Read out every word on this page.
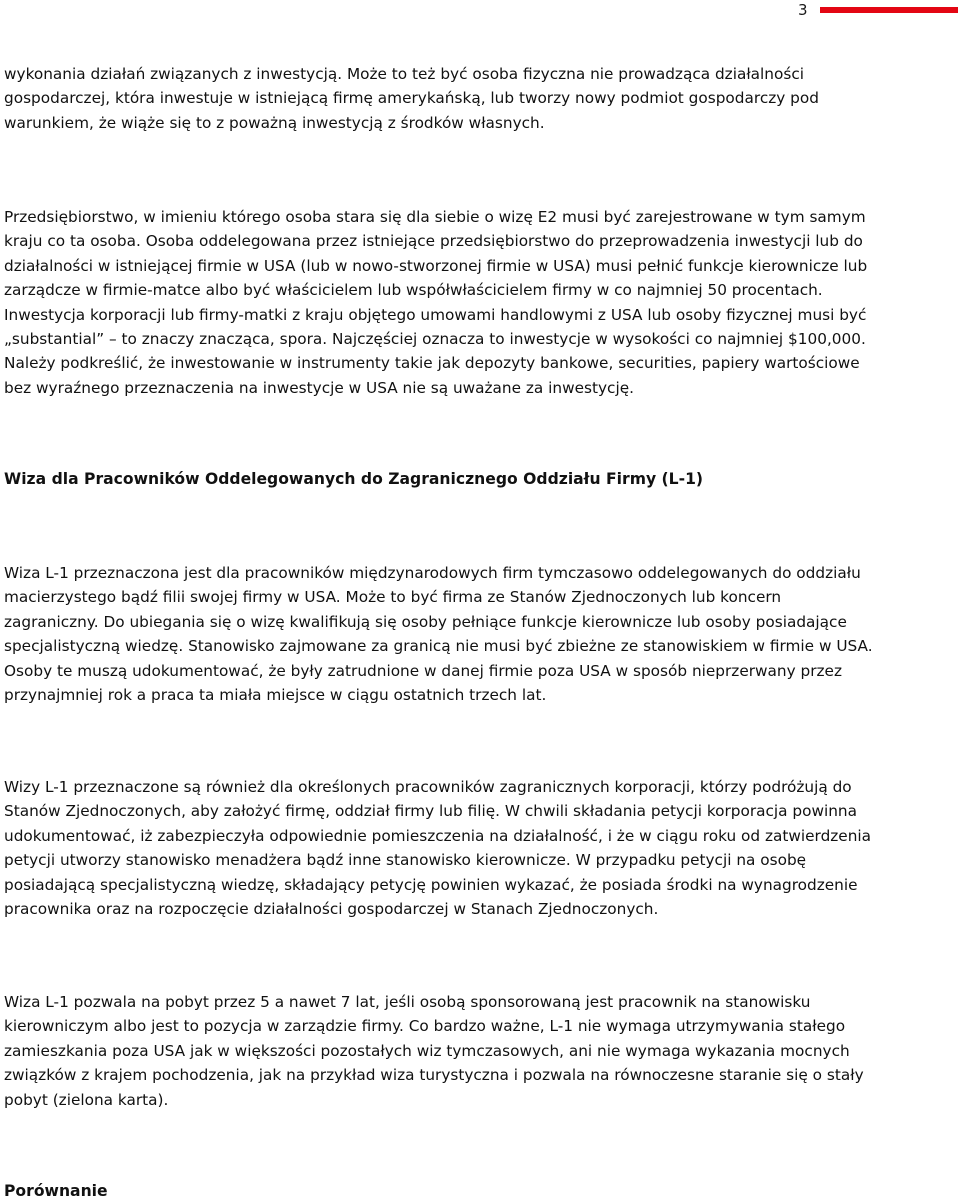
3

wykonania działań związanych z inwestycją. Może to też być osoba fizyczna nie prowadząca działalności
gospodarczej, która inwestuje w istniejącą firmę amerykańską, lub tworzy nowy podmiot gospodarczy pod
warunkiem, że wiąże się to z poważną inwestycją z środków własnych.

Przedsiębiorstwo, w imieniu którego osoba stara się dla siebie o wizę E2 musi być zarejestrowane w tym samym
kraju co ta osoba. Osoba oddelegowana przez istniejące przedsiębiorstwo do przeprowadzenia inwestycji lub do
działalności w istniejącej firmie w USA (lub w nowo-stworzonej firmie w USA) musi pełnić funkcje kierownicze lub
zarządcze w firmie-matce albo być właścicielem lub współwłaścicielem firmy w co najmniej 50 procentach.
Inwestycja korporacji lub firmy-matki z kraju objętego umowami handlowymi z USA lub osoby fizycznej musi być
„substantial” – to znaczy znacząca, spora. Najczęściej oznacza to inwestycje w wysokości co najmniej $100,000.
Należy podkreślić, że inwestowanie w instrumenty takie jak depozyty bankowe, securities, papiery wartościowe
bez wyraźnego przeznaczenia na inwestycje w USA nie są uważane za inwestycję.

Wiza dla Pracowników Oddelegowanych do Zagranicznego Oddziału Firmy (L-1)

Wiza L-1 przeznaczona jest dla pracowników międzynarodowych firm tymczasowo oddelegowanych do oddziału
macierzystego bądź filii swojej firmy w USA. Może to być firma ze Stanów Zjednoczonych lub koncern
zagraniczny. Do ubiegania się o wizę kwalifikują się osoby pełniące funkcje kierownicze lub osoby posiadające
specjalistyczną wiedzę. Stanowisko zajmowane za granicą nie musi być zbieżne ze stanowiskiem w firmie w USA.
Osoby te muszą udokumentować, że były zatrudnione w danej firmie poza USA w sposób nieprzerwany przez
przynajmniej rok a praca ta miała miejsce w ciągu ostatnich trzech lat.

Wizy L-1 przeznaczone są również dla określonych pracowników zagranicznych korporacji, którzy podróżują do
Stanów Zjednoczonych, aby założyć firmę, oddział firmy lub filię. W chwili składania petycji korporacja powinna
udokumentować, iż zabezpieczyła odpowiednie pomieszczenia na działalność, i że w ciągu roku od zatwierdzenia
petycji utworzy stanowisko menadżera bądź inne stanowisko kierownicze. W przypadku petycji na osobę
posiadającą specjalistyczną wiedzę, składający petycję powinien wykazać, że posiada środki na wynagrodzenie
pracownika oraz na rozpoczęcie działalności gospodarczej w Stanach Zjednoczonych.

Wiza L-1 pozwala na pobyt przez 5 a nawet 7 lat, jeśli osobą sponsorowaną jest pracownik na stanowisku
kierowniczym albo jest to pozycja w zarządzie firmy. Co bardzo ważne, L-1 nie wymaga utrzymywania stałego
zamieszkania poza USA jak w większości pozostałych wiz tymczasowych, ani nie wymaga wykazania mocnych
związków z krajem pochodzenia, jak na przykład wiza turystyczna i pozwala na równoczesne staranie się o stały
pobyt (zielona karta).

Porównanie
